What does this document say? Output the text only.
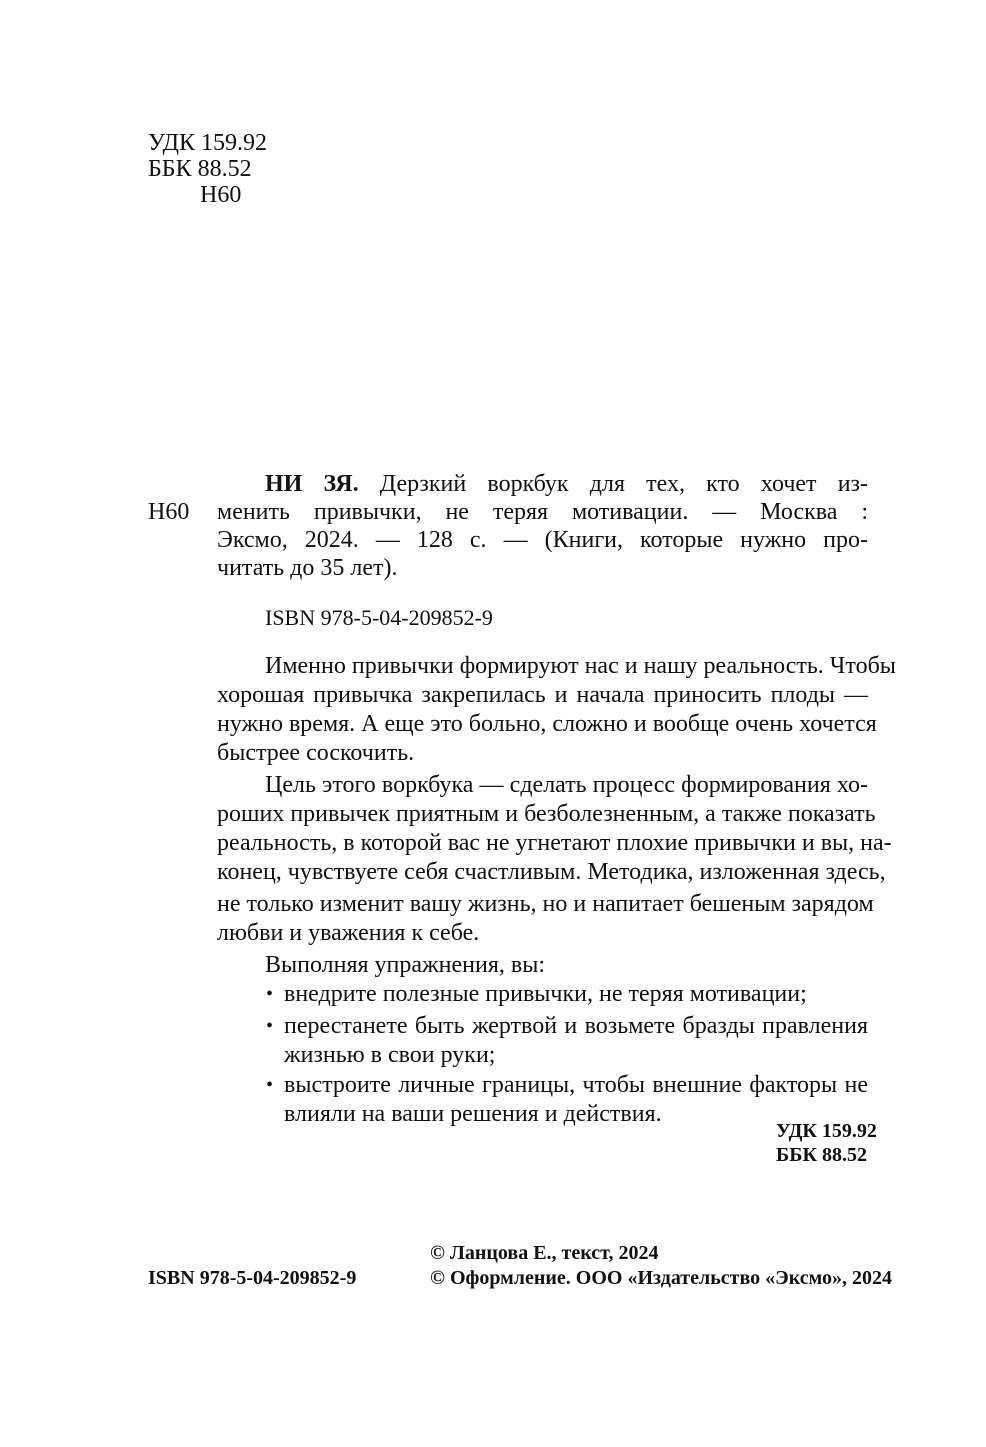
УДК 159.92
ББК 88.52
Н60
Н60
НИ ЗЯ. Дерзкий воркбук для тех, кто хочет из-
менить привычки, не теряя мотивации. — Москва :
Эксмо, 2024. — 128 с. — (Книги, которые нужно про-
читать до 35 лет).
ISBN 978-5-04-209852-9
Именно привычки формируют нас и нашу реальность. Чтобы
хорошая привычка закрепилась и начала приносить плоды —
нужно время. А еще это больно, сложно и вообще очень хочется
быстрее соскочить.
Цель этого воркбука — сделать процесс формирования хо-
роших привычек приятным и безболезненным, а также показать
реальность, в которой вас не угнетают плохие привычки и вы, на-
конец, чувствуете себя счастливым. Методика, изложенная здесь,
не только изменит вашу жизнь, но и напитает бешеным зарядом
любви и уважения к себе.
Выполняя упражнения, вы:
• внедрите полезные привычки, не теряя мотивации;
• перестанете быть жертвой и возьмете бразды правления
жизнью в свои руки;
• выстроите личные границы, чтобы внешние факторы не
влияли на ваши решения и действия.
УДК 159.92
ББК 88.52
ISBN 978-5-04-209852-9
© Ланцова Е., текст, 2024
© Оформление. ООО «Издательство «Эксмо», 2024
